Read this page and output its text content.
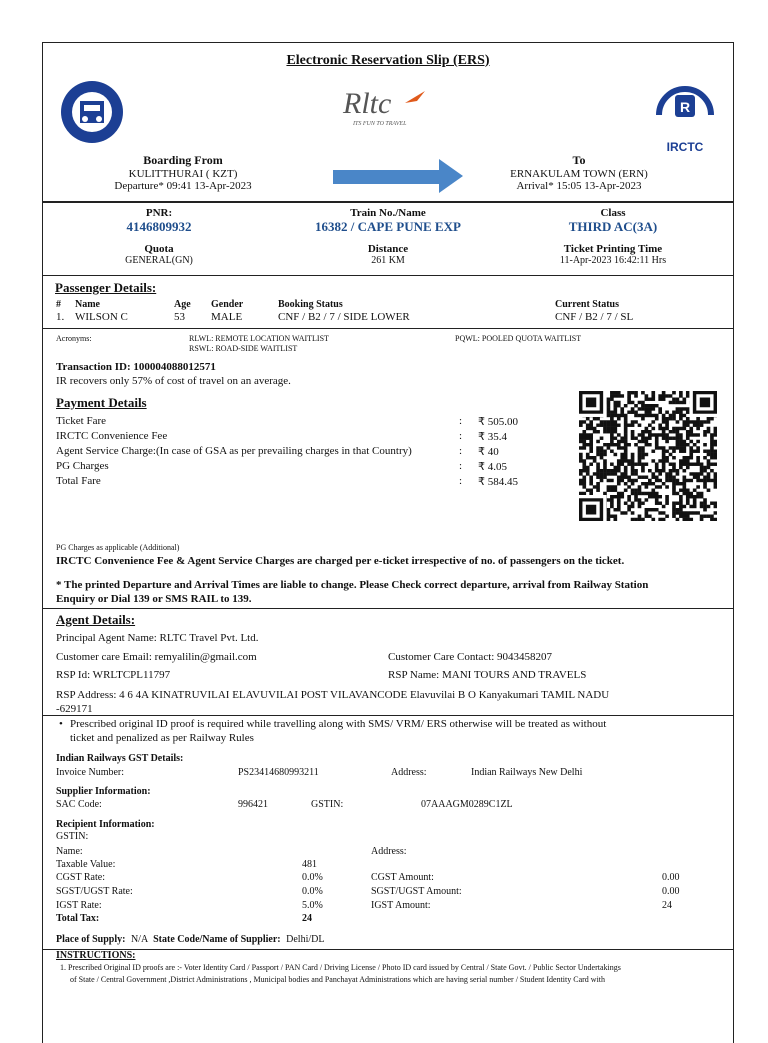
Electronic Reservation Slip (ERS)
Rltc
ITS FUN TO TRAVEL
R
IRCTC
Boarding From
KULITTHURAI ( KZT)
Departure* 09:41 13-Apr-2023
To
ERNAKULAM TOWN (ERN)
Arrival* 15:05 13-Apr-2023
PNR:
4146809932
Train No./Name
16382 / CAPE PUNE EXP
Class
THIRD AC(3A)
Quota
GENERAL(GN)
Distance
261 KM
Ticket Printing Time
11-Apr-2023 16:42:11 Hrs
Passenger Details:
# Name	Age Gender	Booking Status	Current Status
1. WILSON C	53 MALE	CNF / B2 / 7 / SIDE LOWER	CNF / B2 / 7 / SL
Acronyms:	RLWL: REMOTE LOCATION WAITLIST	PQWL: POOLED QUOTA WAITLIST
RSWL: ROAD-SIDE WAITLIST
Transaction ID: 100004088012571
IR recovers only 57% of cost of travel on an average.
Payment Details
Ticket Fare	: ₹ 505.00
IRCTC Convenience Fee	: ₹ 35.4
Agent Service Charge:(In case of GSA as per prevailing charges in that Country)	: ₹ 40
PG Charges	: ₹ 4.05
Total Fare	: ₹ 584.45
PG Charges as applicable (Additional)
IRCTC Convenience Fee & Agent Service Charges are charged per e-ticket irrespective of no. of passengers on the ticket.
* The printed Departure and Arrival Times are liable to change. Please Check correct departure, arrival from Railway Station
Enquiry or Dial 139 or SMS RAIL to 139.
Agent Details:
Principal Agent Name: RLTC Travel Pvt. Ltd.
Customer care Email: remyalilin@gmail.com	Customer Care Contact: 9043458207
RSP Id: WRLTCPL11797	RSP Name: MANI TOURS AND TRAVELS
RSP Address: 4 6 4A KINATRUVILAI ELAVUVILAI POST VILAVANCODE Elavuvilai B O Kanyakumari TAMIL NADU
-629171
• Prescribed original ID proof is required while travelling along with SMS/ VRM/ ERS otherwise will be treated as without
ticket and penalized as per Railway Rules
Indian Railways GST Details:
Invoice Number:	PS23414680993211	Address:	Indian Railways New Delhi
Supplier Information:
SAC Code:	996421	GSTIN:	07AAAGM0289C1ZL
Recipient Information:
GSTIN:
Name:	Address:
Taxable Value:	481
CGST Rate:	0.0%	CGST Amount:	0.00
SGST/UGST Rate:	0.0%	SGST/UGST Amount:	0.00
IGST Rate:	5.0%	IGST Amount:	24
Total Tax:	24
Place of Supply: N/A State Code/Name of Supplier: Delhi/DL
INSTRUCTIONS:
1. Prescribed Original ID proofs are :- Voter Identity Card / Passport / PAN Card / Driving License / Photo ID card issued by Central / State Govt. / Public Sector Undertakings
of State / Central Government ,District Administrations , Municipal bodies and Panchayat Administrations which are having serial number / Student Identity Card with
